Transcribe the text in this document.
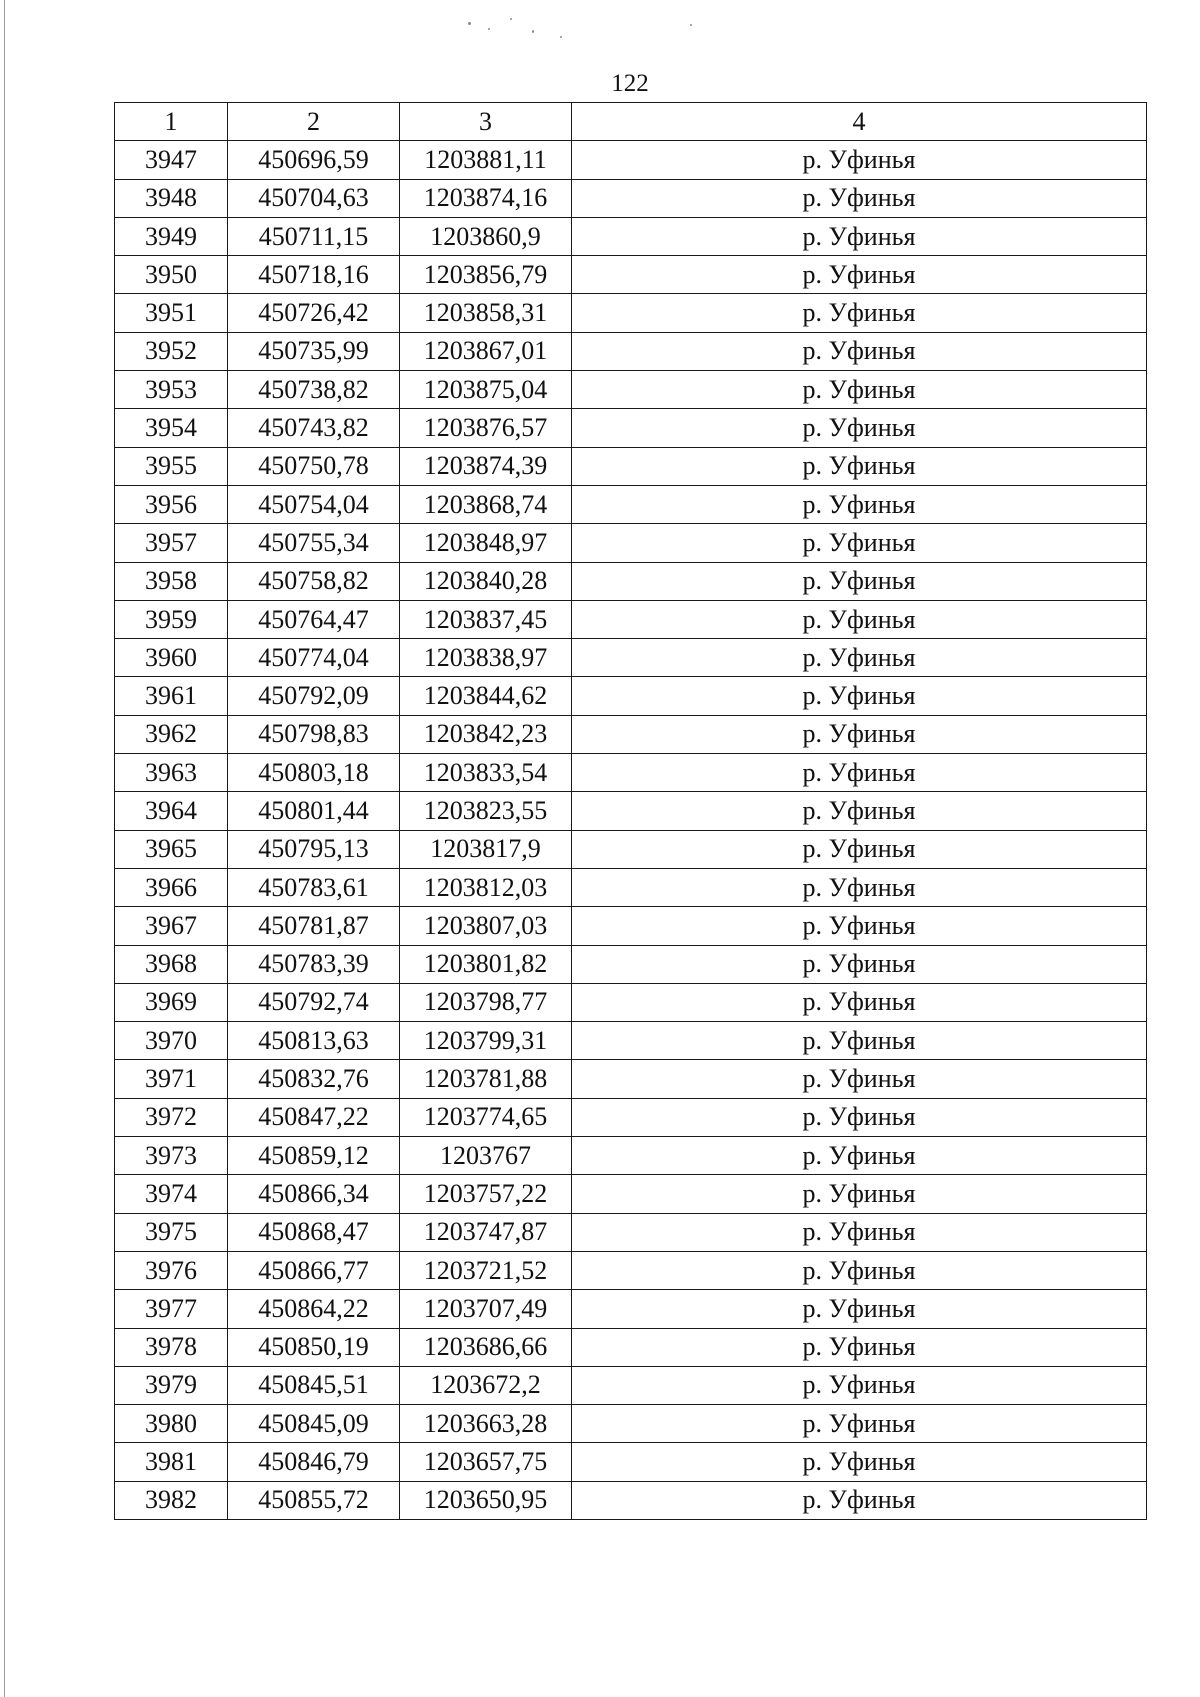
122
1	2	3	4
3947	450696,59	1203881,11	р. Уфинья
3948	450704,63	1203874,16	р. Уфинья
3949	450711,15	1203860,9	р. Уфинья
3950	450718,16	1203856,79	р. Уфинья
3951	450726,42	1203858,31	р. Уфинья
3952	450735,99	1203867,01	р. Уфинья
3953	450738,82	1203875,04	р. Уфинья
3954	450743,82	1203876,57	р. Уфинья
3955	450750,78	1203874,39	р. Уфинья
3956	450754,04	1203868,74	р. Уфинья
3957	450755,34	1203848,97	р. Уфинья
3958	450758,82	1203840,28	р. Уфинья
3959	450764,47	1203837,45	р. Уфинья
3960	450774,04	1203838,97	р. Уфинья
3961	450792,09	1203844,62	р. Уфинья
3962	450798,83	1203842,23	р. Уфинья
3963	450803,18	1203833,54	р. Уфинья
3964	450801,44	1203823,55	р. Уфинья
3965	450795,13	1203817,9	р. Уфинья
3966	450783,61	1203812,03	р. Уфинья
3967	450781,87	1203807,03	р. Уфинья
3968	450783,39	1203801,82	р. Уфинья
3969	450792,74	1203798,77	р. Уфинья
3970	450813,63	1203799,31	р. Уфинья
3971	450832,76	1203781,88	р. Уфинья
3972	450847,22	1203774,65	р. Уфинья
3973	450859,12	1203767	р. Уфинья
3974	450866,34	1203757,22	р. Уфинья
3975	450868,47	1203747,87	р. Уфинья
3976	450866,77	1203721,52	р. Уфинья
3977	450864,22	1203707,49	р. Уфинья
3978	450850,19	1203686,66	р. Уфинья
3979	450845,51	1203672,2	р. Уфинья
3980	450845,09	1203663,28	р. Уфинья
3981	450846,79	1203657,75	р. Уфинья
3982	450855,72	1203650,95	р. Уфинья
